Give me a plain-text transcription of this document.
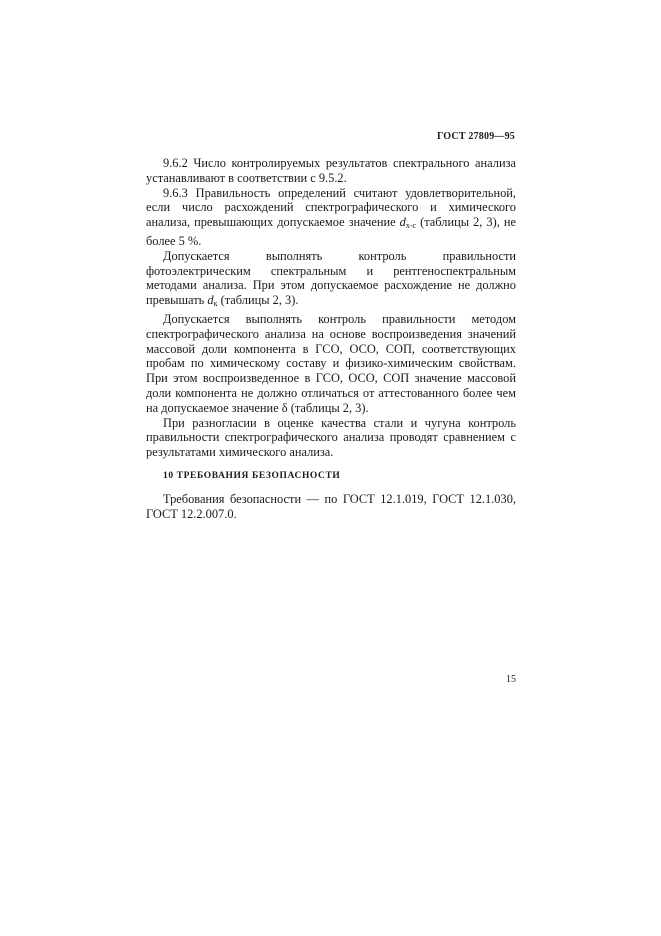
ГОСТ 27809—95

9.6.2 Число контролируемых результатов спектрального анализа устанавливают в соответствии с 9.5.2.

9.6.3 Правильность определений считают удовлетворительной, если число расхождений спектрографического и химического анализа, превышающих допускаемое значение $d_{х-с}$ (таблицы 2, 3), не более 5 %.

Допускается выполнять контроль правильности фотоэлектрическим спектральным и рентгеноспектральным методами анализа. При этом допускаемое расхождение не должно превышать $d_к$ (таблицы 2, 3).

Допускается выполнять контроль правильности методом спектрографического анализа на основе воспроизведения значений массовой доли компонента в ГСО, ОСО, СОП, соответствующих пробам по химическому составу и физико-химическим свойствам. При этом воспроизведенное в ГСО, ОСО, СОП значение массовой доли компонента не должно отличаться от аттестованного более чем на допускаемое значение δ (таблицы 2, 3).

При разногласии в оценке качества стали и чугуна контроль правильности спектрографического анализа проводят сравнением с результатами химического анализа.

10 ТРЕБОВАНИЯ БЕЗОПАСНОСТИ

Требования безопасности — по ГОСТ 12.1.019, ГОСТ 12.1.030, ГОСТ 12.2.007.0.

15
